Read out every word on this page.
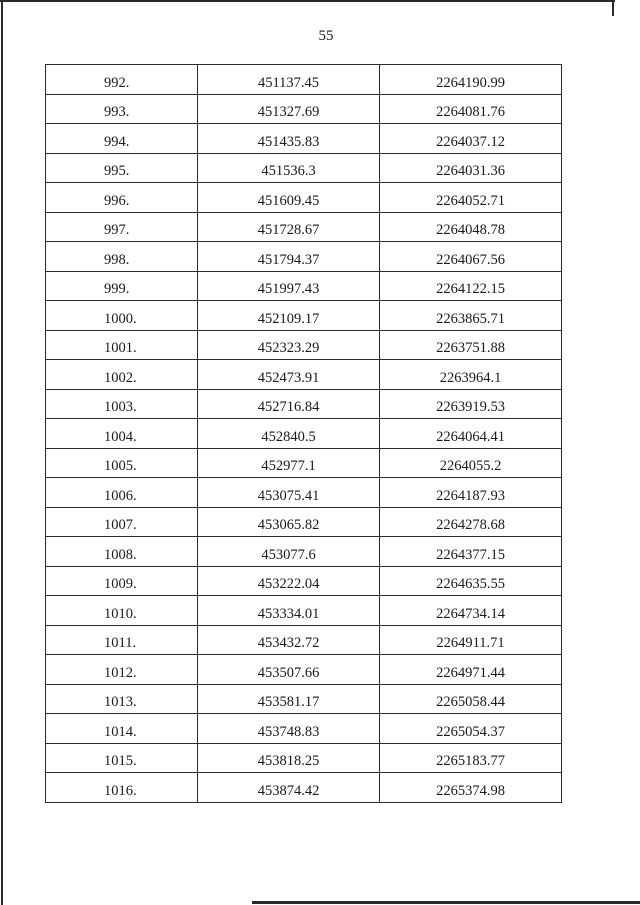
55
992.	451137.45	2264190.99
993.	451327.69	2264081.76
994.	451435.83	2264037.12
995.	451536.3	2264031.36
996.	451609.45	2264052.71
997.	451728.67	2264048.78
998.	451794.37	2264067.56
999.	451997.43	2264122.15
1000.	452109.17	2263865.71
1001.	452323.29	2263751.88
1002.	452473.91	2263964.1
1003.	452716.84	2263919.53
1004.	452840.5	2264064.41
1005.	452977.1	2264055.2
1006.	453075.41	2264187.93
1007.	453065.82	2264278.68
1008.	453077.6	2264377.15
1009.	453222.04	2264635.55
1010.	453334.01	2264734.14
1011.	453432.72	2264911.71
1012.	453507.66	2264971.44
1013.	453581.17	2265058.44
1014.	453748.83	2265054.37
1015.	453818.25	2265183.77
1016.	453874.42	2265374.98
